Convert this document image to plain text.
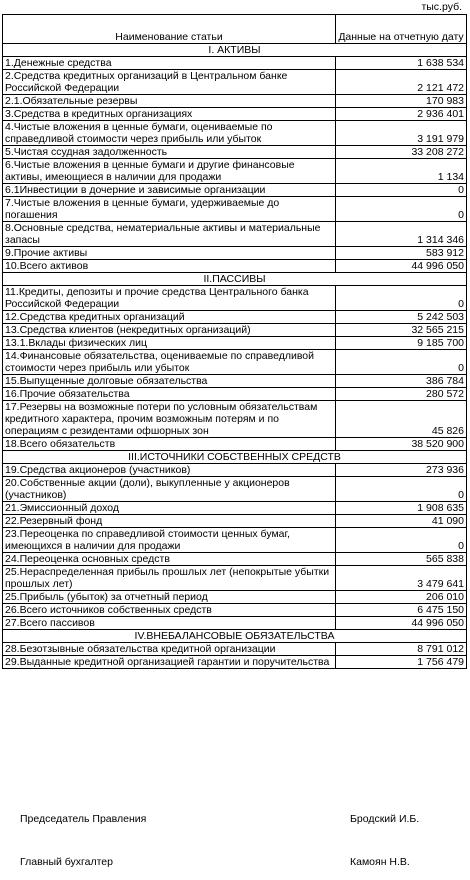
тыс.руб.
Наименование статьи	Данные на отчетную дату
I. АКТИВЫ	
1.Денежные средства	1 638 534
2.Средства кредитных организаций в Центральном банке Российской Федерации	2 121 472
2.1.Обязательные резервы	170 983
3.Средства в кредитных организациях	2 936 401
4.Чистые вложения в ценные бумаги, оцениваемые по справедливой стоимости через прибыль или убыток	3 191 979
5.Чистая ссудная задолженность	33 208 272
6.Чистые вложения в ценные бумаги и другие финансовые активы, имеющиеся в наличии для продажи	1 134
6.1Инвестиции в дочерние и зависимые организации	0
7.Чистые вложения в ценные бумаги, удерживаемые до погашения	0
8.Основные средства, нематериальные активы и материальные запасы	1 314 346
9.Прочие активы	583 912
10.Всего активов	44 996 050
II.ПАССИВЫ	
11.Кредиты, депозиты и прочие средства Центрального банка Российской Федерации	0
12.Средства кредитных организаций	5 242 503
13.Средства клиентов (некредитных организаций)	32 565 215
13.1.Вклады физических лиц	9 185 700
14.Финансовые обязательства, оцениваемые по справедливой стоимости через прибыль или убыток	0
15.Выпущенные долговые обязательства	386 784
16.Прочие обязательства	280 572
17.Резервы на возможные потери по условным обязательствам кредитного характера, прочим возможным потерям и по операциям с резидентами офшорных зон	45 826
18.Всего обязательств	38 520 900
III.ИСТОЧНИКИ СОБСТВЕННЫХ СРЕДСТВ	
19.Средства акционеров (участников)	273 936
20.Собственные акции (доли), выкупленные у акционеров (участников)	0
21.Эмиссионный доход	1 908 635
22.Резервный фонд	41 090
23.Переоценка по справедливой стоимости ценных бумаг, имеющихся в наличии для продажи	0
24.Переоценка основных средств	565 838
25.Нераспределенная прибыль прошлых лет (непокрытые убытки прошлых лет)	3 479 641
25.Прибыль (убыток) за отчетный период	206 010
26.Всего источников собственных средств	6 475 150
27.Всего пассивов	44 996 050
IV.ВНЕБАЛАНСОВЫЕ ОБЯЗАТЕЛЬСТВА	
28.Безотзывные обязательства кредитной организации	8 791 012
29.Выданные кредитной организацией гарантии и поручительства	1 756 479
Председатель Правления	Бродский И.Б.
Главный бухгалтер	Камоян Н.В.
